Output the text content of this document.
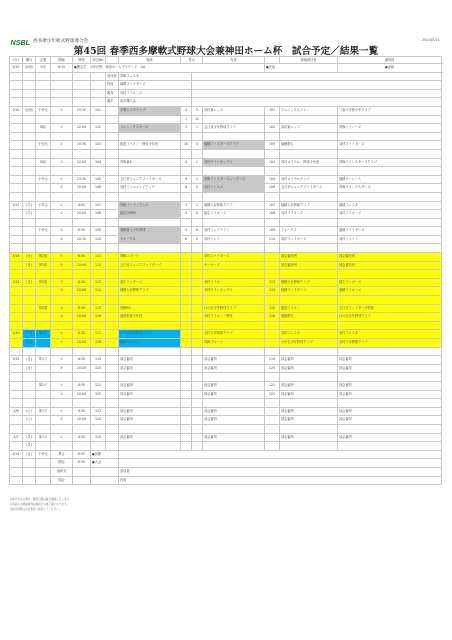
NSBL 西多摩少年軟式野球連合会	2024/3/21
第45回 春季西多摩軟式野球大会兼神田ホーム杯　試合予定／結果一覧
月日	曜日	会場	開始	時刻	試合No		後攻	得点		先攻		球場責任者	審判員
3/20	(水祝)	小作	8:30	●開会式　小作台野　神田ホームグラウンド　(A)							●北組		●南組
						参加者	青梅フェスタ						
						役員	瑞穂ファイターズ						
						審判	羽村ライオンズ						
						選手	西多摩大会						
3/20	(水祝)	小作台	①	10:30	101		多摩ヒルズクラブ	4	5	羽村東レッズ	101	フェニックスラリー	三原小学校少年クラブ
								1	12				
		B面	②	12:00	102		フェニックスカーズ	3	1	五日市少年野球クラブ	102	羽村東レッズ	青梅シティーズ

		小作台	①	10:30	103		昭島ライオン・野球少年団	10	0	瑞穂ファイターズクラブ	103	瑞穂倶ち	羽村ファイターズ

		B面	①	12:00	104		青梅東6	4	2	羽村サイドキングス	104	羽村ロイヤル・野球少年団	青梅ウインスターズクラブ

		小作台	①	13:30	105		五日市ジュニアファイターズ	5	1	青梅ファイターズレーダース	105	羽村ロイヤルクラブ	瑞穂ローレンス
			②	15:00	106		羽村リトルジャイアンツ	8	0	羽村リトルズ	106	五日市ジュニアファイターズ	青梅ウイングスターズ

3/21	(木)	小作台	①	8:00	107		青梅インディアンス	3	1	瑞穂大谷野球クラブ	107	瑞穂大谷野球クラブ	瑞穂フェスタ
	(木)		②	10:00	108		福生GMRS	9	0	福生ライオンズ	108	羽村ライオンズ	羽村ライオンズ

		小作台	③	8:30	109		瑞穂富士少年野球	3	6	羽村ミッドナイツ	109	フォークス	瑞穂ファイターズ
			④	10:30	110		フォークス	8	0	羽村シャイン	110	羽村ファイターズ	羽村シャイン

3/24	(日)	第2面	①	8:30	111		青梅スポーツ			羽村ファイターズ		部会審判団	部会審判団
	(日)	第1面	②	10:00	112		五日市ジュニアファイターズ			サーキーズ		部会審判団	部会審判団

3/24	(日)	第2面	①	8:30	113		福生ジャガーズ			羽村ライオン	113	瑞穂大谷野球クラブ	福生ジャガーズ
			②	10:00	114		瑞穂大谷野球クラブ			羽村サイドキングス	114	瑞穂ファイターズ	瑞穂ライオンズ

		第2面	③	8:30	115		青梅RS			日の出少年野球クラブ	115	昭島ライオン	五日市ファイターズ野球
			④	10:00	116		福島野球少年団			羽村ライオン・野球	116	瑞穂倶ち	日の出少年野球クラブ

3/30	(土)	第1グ	①	8:30	117		八王子少年野球クラブ			羽村少年野球クラブ		羽村フェスタ	羽村フェスタ
	(土)		②	10:00	118		羽村リトルズ			青梅ブルース		小作台少年野球クラブ	羽村少年野球クラブ

3/31	(日)	第1グ	①	8:30	119		部会審判			部会審判	119	部会審判	部会審判
	(日)		②	10:00	120		部会審判			部会審判	120	部会審判	部会審判

		第2グ	①	8:30	121		部会審判			部会審判	121	部会審判	部会審判
			②	10:00	122		部会審判			部会審判	122	部会審判	部会審判

4/6	(土)	第1グ	①	8:30	123		部会審判			部会審判		部会審判	部会審判
	(土)		②	10:00	124		部会審判			部会審判		部会審判	部会審判

4/7	(日)	第1グ	①	8:30	125		部会審判			部会審判		部会審判	部会審判
	(日)												
4/14	(日)	小作台	集合	8:00	●決勝								
			開会	8:30	●大会								
			表彰式				参加者						
			閉会				役員						
※雨天中止の場合：順延日程は後日連絡いたします。
※各試合の開始時刻は前試合の終了後となります。
※試合結果は大会本部へ報告してください。
